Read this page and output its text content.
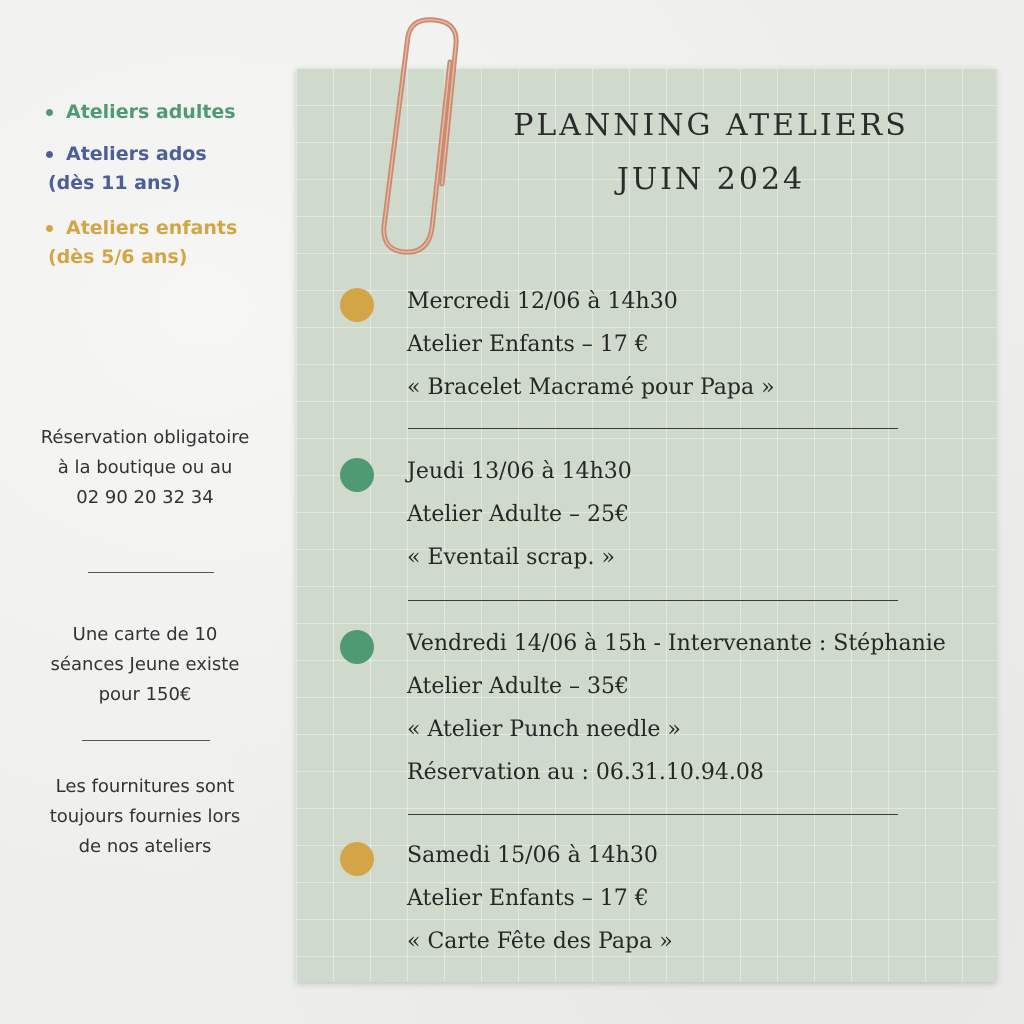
Ateliers adultes
Ateliers ados
(dès 11 ans)
Ateliers enfants
(dès 5/6 ans)
Réservation obligatoire
à la boutique ou au
02 90 20 32 34
Une carte de 10
séances Jeune existe
pour 150€
Les fournitures sont
toujours fournies lors
de nos ateliers
PLANNING ATELIERS
JUIN 2024
Mercredi 12/06 à 14h30
Atelier Enfants – 17 €
« Bracelet Macramé pour Papa »
Jeudi 13/06 à 14h30
Atelier Adulte – 25€
« Eventail scrap. »
Vendredi 14/06 à 15h - Intervenante : Stéphanie
Atelier Adulte – 35€
« Atelier Punch needle »
Réservation au : 06.31.10.94.08
Samedi 15/06 à 14h30
Atelier Enfants – 17 €
« Carte Fête des Papa »
